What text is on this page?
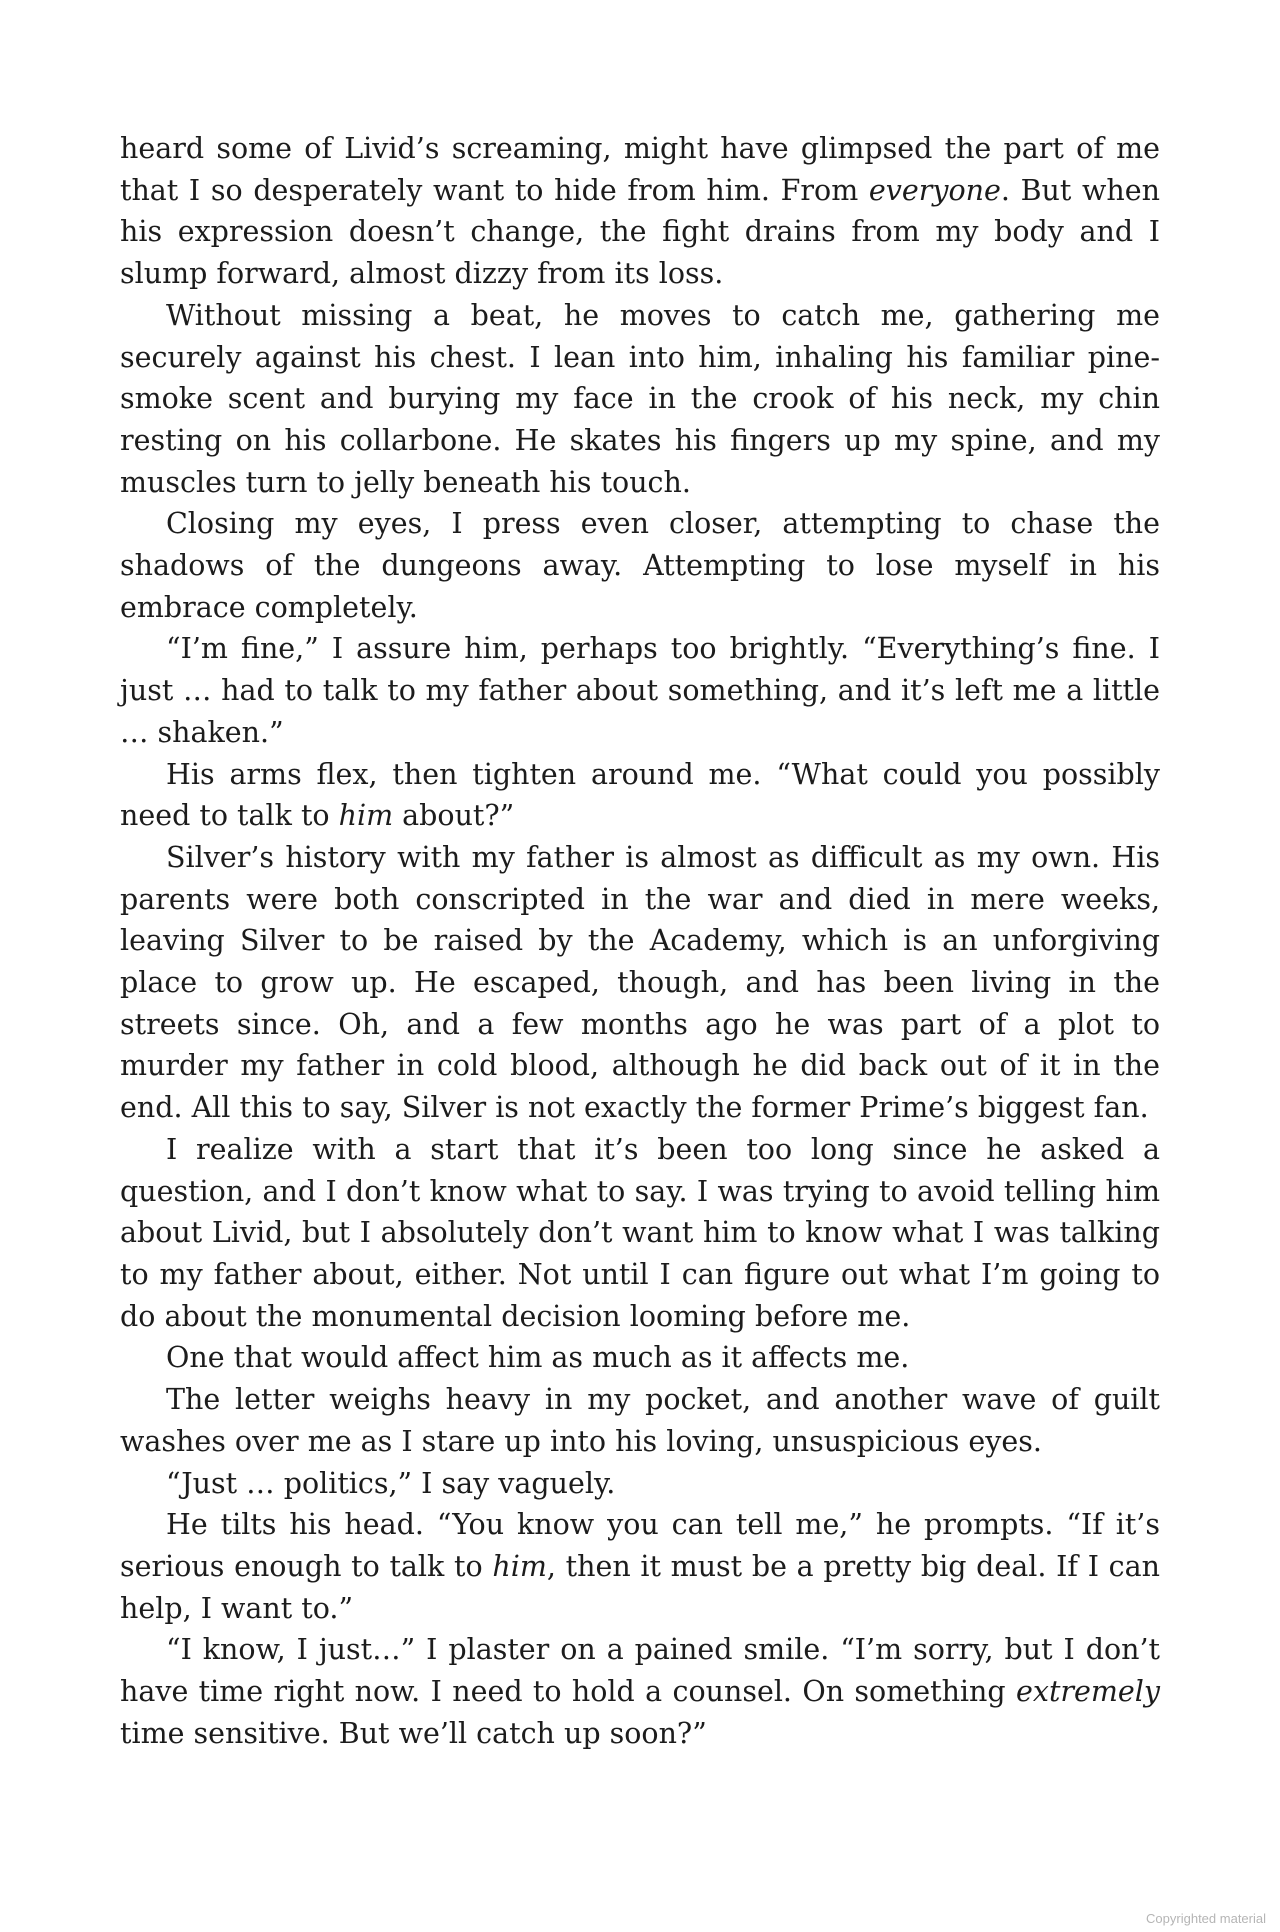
heard some of Livid’s screaming, might have glimpsed the part of me that I so desperately want to hide from him. From everyone. But when his expression doesn’t change, the fight drains from my body and I slump forward, almost dizzy from its loss.

Without missing a beat, he moves to catch me, gathering me securely against his chest. I lean into him, inhaling his familiar pine-smoke scent and burying my face in the crook of his neck, my chin resting on his collarbone. He skates his fingers up my spine, and my muscles turn to jelly beneath his touch.

Closing my eyes, I press even closer, attempting to chase the shadows of the dungeons away. Attempting to lose myself in his embrace completely.

“I’m fine,” I assure him, perhaps too brightly. “Everything’s fine. I just … had to talk to my father about something, and it’s left me a little … shaken.”

His arms flex, then tighten around me. “What could you possibly need to talk to him about?”

Silver’s history with my father is almost as difficult as my own. His parents were both conscripted in the war and died in mere weeks, leaving Silver to be raised by the Academy, which is an unforgiving place to grow up. He escaped, though, and has been living in the streets since. Oh, and a few months ago he was part of a plot to murder my father in cold blood, although he did back out of it in the end. All this to say, Silver is not exactly the former Prime’s biggest fan.

I realize with a start that it’s been too long since he asked a question, and I don’t know what to say. I was trying to avoid telling him about Livid, but I absolutely don’t want him to know what I was talking to my father about, either. Not until I can figure out what I’m going to do about the monumental decision looming before me.

One that would affect him as much as it affects me.

The letter weighs heavy in my pocket, and another wave of guilt washes over me as I stare up into his loving, unsuspicious eyes.

“Just … politics,” I say vaguely.

He tilts his head. “You know you can tell me,” he prompts. “If it’s serious enough to talk to him, then it must be a pretty big deal. If I can help, I want to.”

“I know, I just…” I plaster on a pained smile. “I’m sorry, but I don’t have time right now. I need to hold a counsel. On something extremely time sensitive. But we’ll catch up soon?”

Copyrighted material
